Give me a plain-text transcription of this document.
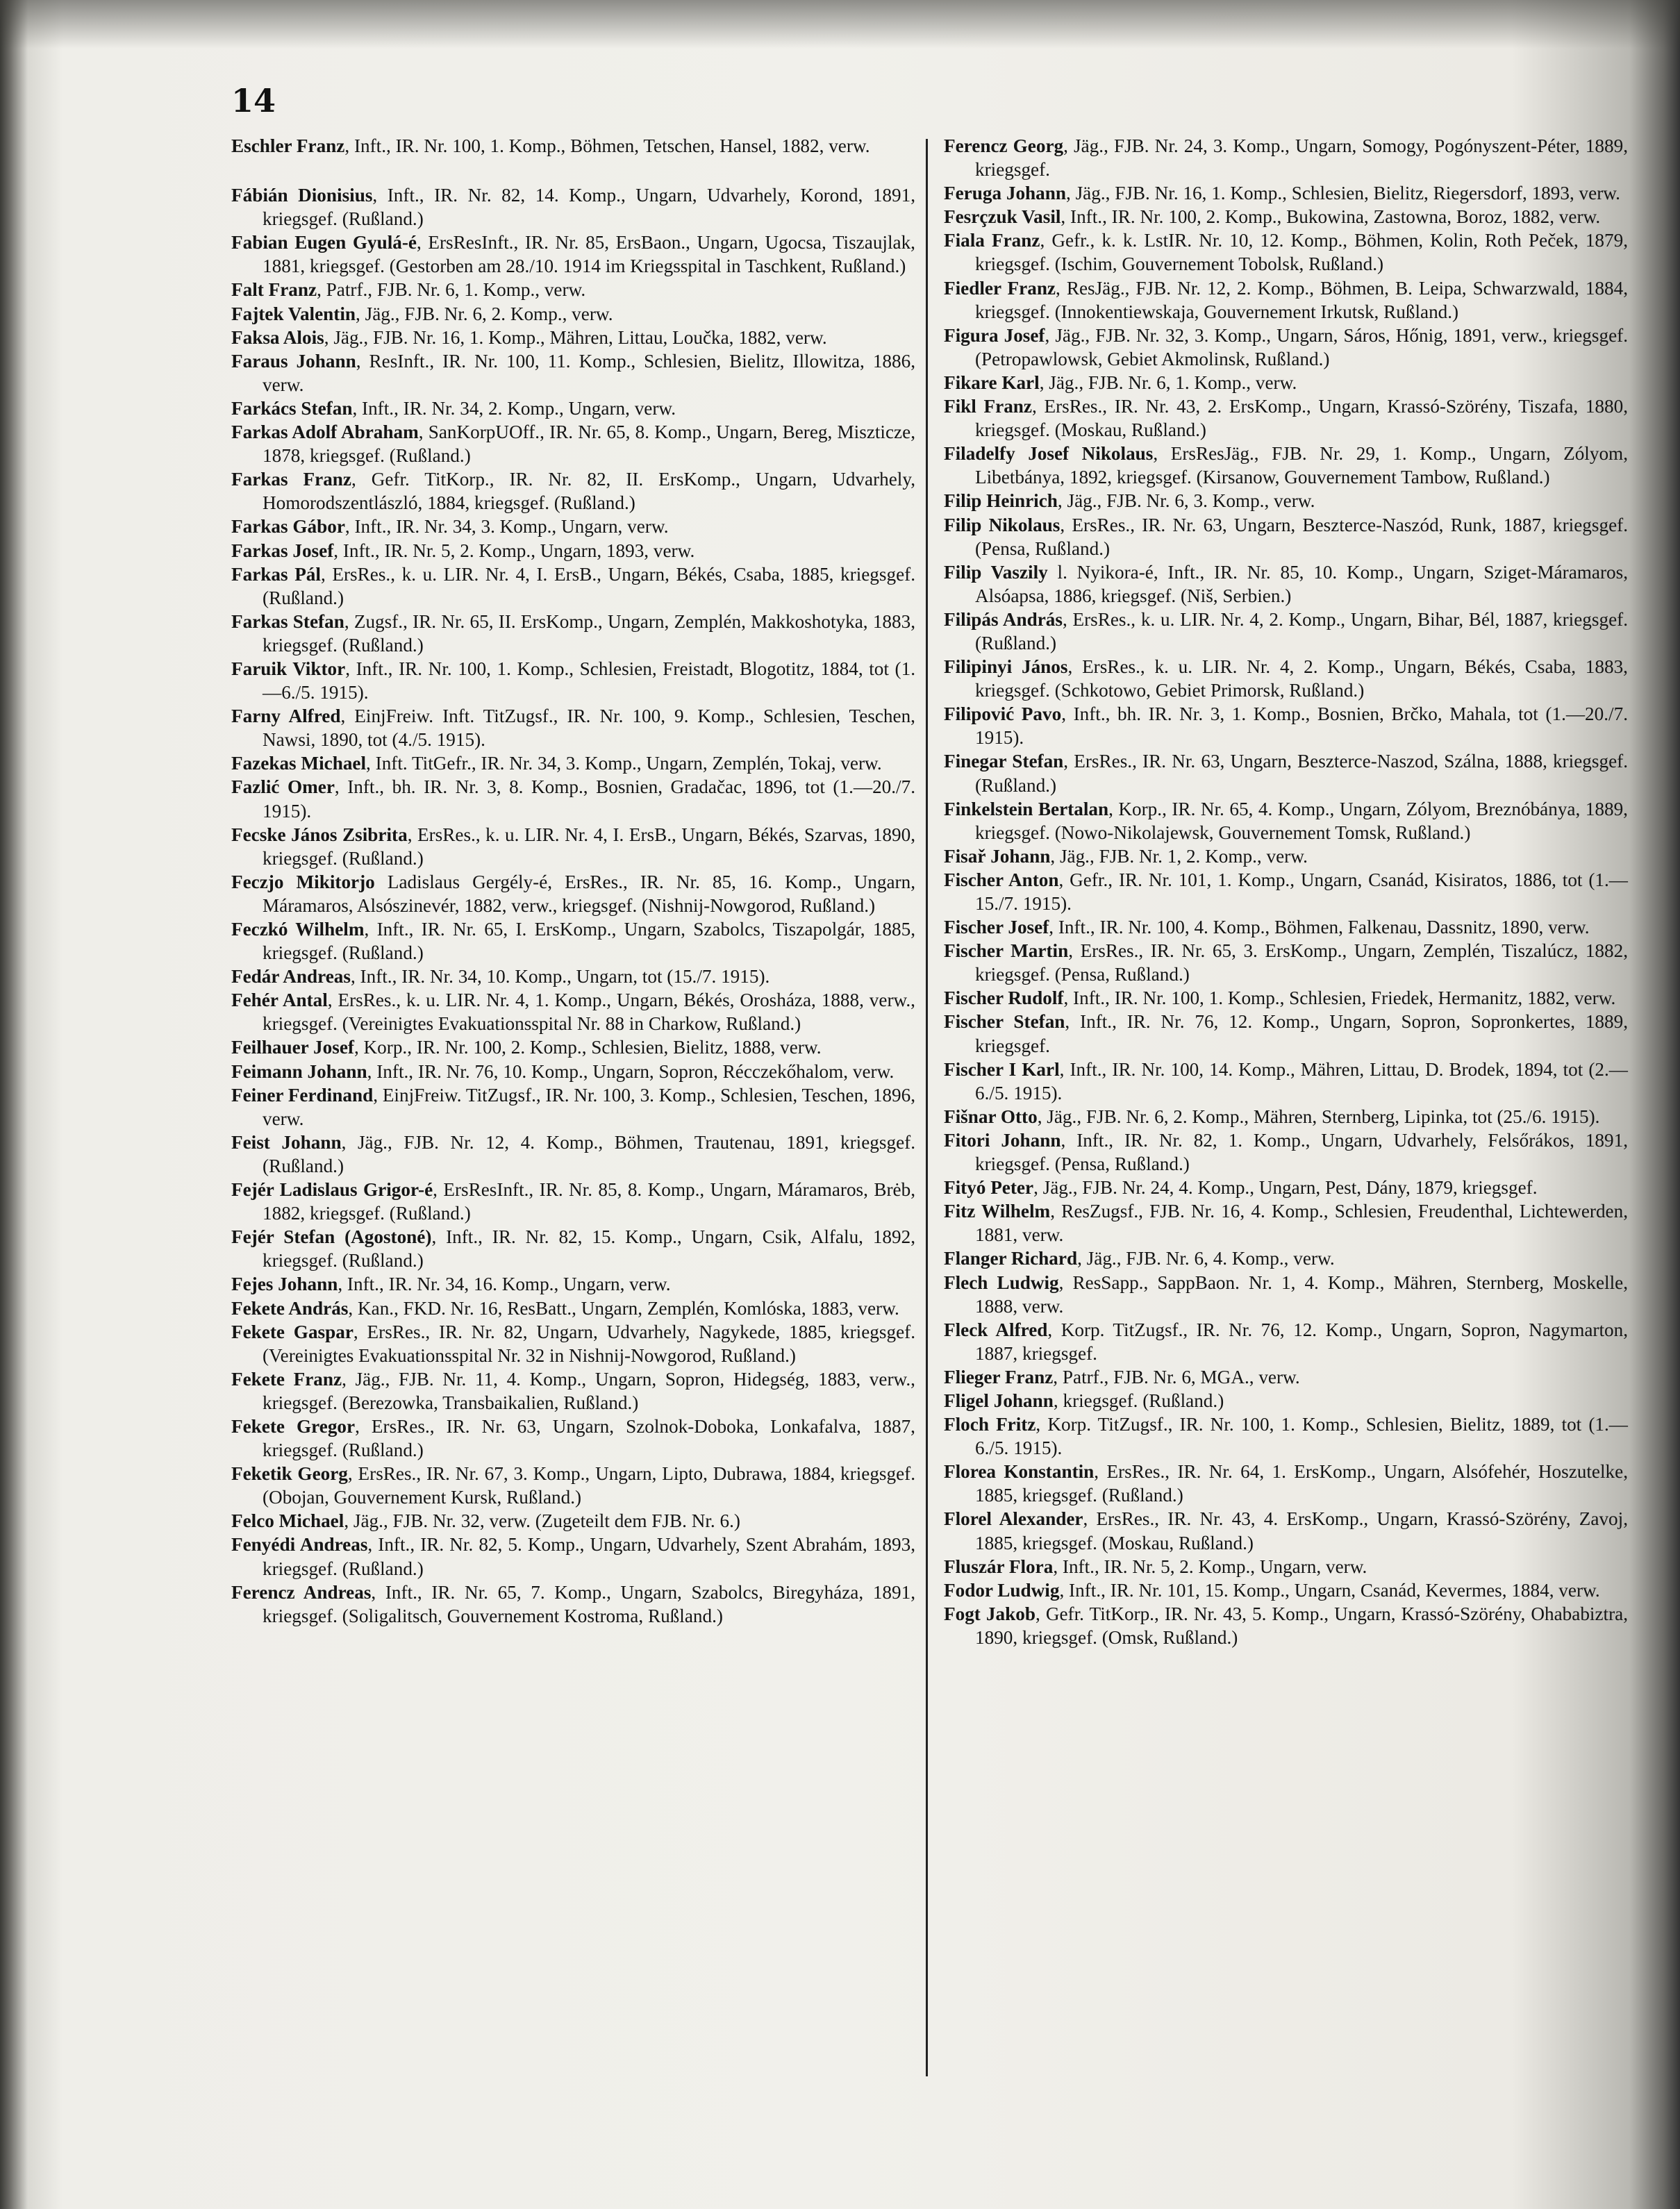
14

Eschler Franz, Inft., IR. Nr. 100, 1. Komp., Böhmen, Tetschen, Hansel, 1882, verw.

Fábián Dionisius, Inft., IR. Nr. 82, 14. Komp., Ungarn, Udvarhely, Korond, 1891, kriegsgef. (Rußland.)

Fabian Eugen Gyulá-é, ErsResInft., IR. Nr. 85, ErsBaon., Ungarn, Ugocsa, Tiszaujlak, 1881, kriegsgef. (Gestorben am 28./10. 1914 im Kriegsspital in Taschkent, Rußland.)

Falt Franz, Patrf., FJB. Nr. 6, 1. Komp., verw.

Fajtek Valentin, Jäg., FJB. Nr. 6, 2. Komp., verw.

Faksa Alois, Jäg., FJB. Nr. 16, 1. Komp., Mähren, Littau, Loučka, 1882, verw.

Faraus Johann, ResInft., IR. Nr. 100, 11. Komp., Schlesien, Bielitz, Illowitza, 1886, verw.

Farkács Stefan, Inft., IR. Nr. 34, 2. Komp., Ungarn, verw.

Farkas Adolf Abraham, SanKorpUOff., IR. Nr. 65, 8. Komp., Ungarn, Bereg, Miszticze, 1878, kriegsgef. (Rußland.)

Farkas Franz, Gefr. TitKorp., IR. Nr. 82, II. ErsKomp., Ungarn, Udvarhely, Homorodszentlászló, 1884, kriegsgef. (Rußland.)

Farkas Gábor, Inft., IR. Nr. 34, 3. Komp., Ungarn, verw.

Farkas Josef, Inft., IR. Nr. 5, 2. Komp., Ungarn, 1893, verw.

Farkas Pál, ErsRes., k. u. LIR. Nr. 4, I. ErsB., Ungarn, Békés, Csaba, 1885, kriegsgef. (Rußland.)

Farkas Stefan, Zugsf., IR. Nr. 65, II. ErsKomp., Ungarn, Zemplén, Makkoshotyka, 1883, kriegsgef. (Rußland.)

Faruik Viktor, Inft., IR. Nr. 100, 1. Komp., Schlesien, Freistadt, Blogotitz, 1884, tot (1.—6./5. 1915).

Farny Alfred, EinjFreiw. Inft. TitZugsf., IR. Nr. 100, 9. Komp., Schlesien, Teschen, Nawsi, 1890, tot (4./5. 1915).

Fazekas Michael, Inft. TitGefr., IR. Nr. 34, 3. Komp., Ungarn, Zemplén, Tokaj, verw.

Fazlić Omer, Inft., bh. IR. Nr. 3, 8. Komp., Bosnien, Gradačac, 1896, tot (1.—20./7. 1915).

Fecske János Zsibrita, ErsRes., k. u. LIR. Nr. 4, I. ErsB., Ungarn, Békés, Szarvas, 1890, kriegsgef. (Rußland.)

Feczjo Mikitorjo Ladislaus Gergély-é, ErsRes., IR. Nr. 85, 16. Komp., Ungarn, Máramaros, Alsószinevér, 1882, verw., kriegsgef. (Nishnij-Nowgorod, Rußland.)

Feczkó Wilhelm, Inft., IR. Nr. 65, I. ErsKomp., Ungarn, Szabolcs, Tiszapolgár, 1885, kriegsgef. (Rußland.)

Fedár Andreas, Inft., IR. Nr. 34, 10. Komp., Ungarn, tot (15./7. 1915).

Fehér Antal, ErsRes., k. u. LIR. Nr. 4, 1. Komp., Ungarn, Békés, Orosháza, 1888, verw., kriegsgef. (Vereinigtes Evakuationsspital Nr. 88 in Charkow, Rußland.)

Feilhauer Josef, Korp., IR. Nr. 100, 2. Komp., Schlesien, Bielitz, 1888, verw.

Feimann Johann, Inft., IR. Nr. 76, 10. Komp., Ungarn, Sopron, Récczekőhalom, verw.

Feiner Ferdinand, EinjFreiw. TitZugsf., IR. Nr. 100, 3. Komp., Schlesien, Teschen, 1896, verw.

Feist Johann, Jäg., FJB. Nr. 12, 4. Komp., Böhmen, Trautenau, 1891, kriegsgef. (Rußland.)

Fejér Ladislaus Grigor-é, ErsResInft., IR. Nr. 85, 8. Komp., Ungarn, Máramaros, Brėb, 1882, kriegsgef. (Rußland.)

Fejér Stefan (Agostoné), Inft., IR. Nr. 82, 15. Komp., Ungarn, Csik, Alfalu, 1892, kriegsgef. (Rußland.)

Fejes Johann, Inft., IR. Nr. 34, 16. Komp., Ungarn, verw.

Fekete András, Kan., FKD. Nr. 16, ResBatt., Ungarn, Zemplén, Komlóska, 1883, verw.

Fekete Gaspar, ErsRes., IR. Nr. 82, Ungarn, Udvarhely, Nagykede, 1885, kriegsgef. (Vereinigtes Evakuationsspital Nr. 32 in Nishnij-Nowgorod, Rußland.)

Fekete Franz, Jäg., FJB. Nr. 11, 4. Komp., Ungarn, Sopron, Hidegség, 1883, verw., kriegsgef. (Berezowka, Transbaikalien, Rußland.)

Fekete Gregor, ErsRes., IR. Nr. 63, Ungarn, Szolnok-Doboka, Lonkafalva, 1887, kriegsgef. (Rußland.)

Feketik Georg, ErsRes., IR. Nr. 67, 3. Komp., Ungarn, Lipto, Dubrawa, 1884, kriegsgef. (Obojan, Gouvernement Kursk, Rußland.)

Felco Michael, Jäg., FJB. Nr. 32, verw. (Zugeteilt dem FJB. Nr. 6.)

Fenyédi Andreas, Inft., IR. Nr. 82, 5. Komp., Ungarn, Udvarhely, Szent Abrahám, 1893, kriegsgef. (Rußland.)

Ferencz Andreas, Inft., IR. Nr. 65, 7. Komp., Ungarn, Szabolcs, Biregyháza, 1891, kriegsgef. (Soligalitsch, Gouvernement Kostroma, Rußland.)

Ferencz Georg, Jäg., FJB. Nr. 24, 3. Komp., Ungarn, Somogy, Pogónyszent-Péter, 1889, kriegsgef.

Feruga Johann, Jäg., FJB. Nr. 16, 1. Komp., Schlesien, Bielitz, Riegersdorf, 1893, verw.

Fesrçzuk Vasil, Inft., IR. Nr. 100, 2. Komp., Bukowina, Zastowna, Boroz, 1882, verw.

Fiala Franz, Gefr., k. k. LstIR. Nr. 10, 12. Komp., Böhmen, Kolin, Roth Peček, 1879, kriegsgef. (Ischim, Gouvernement Tobolsk, Rußland.)

Fiedler Franz, ResJäg., FJB. Nr. 12, 2. Komp., Böhmen, B. Leipa, Schwarzwald, 1884, kriegsgef. (Innokentiewskaja, Gouvernement Irkutsk, Rußland.)

Figura Josef, Jäg., FJB. Nr. 32, 3. Komp., Ungarn, Sáros, Hőnig, 1891, verw., kriegsgef. (Petropawlowsk, Gebiet Akmolinsk, Rußland.)

Fikare Karl, Jäg., FJB. Nr. 6, 1. Komp., verw.

Fikl Franz, ErsRes., IR. Nr. 43, 2. ErsKomp., Ungarn, Krassó-Szörény, Tiszafa, 1880, kriegsgef. (Moskau, Rußland.)

Filadelfy Josef Nikolaus, ErsResJäg., FJB. Nr. 29, 1. Komp., Ungarn, Zólyom, Libetbánya, 1892, kriegsgef. (Kirsanow, Gouvernement Tambow, Rußland.)

Filip Heinrich, Jäg., FJB. Nr. 6, 3. Komp., verw.

Filip Nikolaus, ErsRes., IR. Nr. 63, Ungarn, Beszterce-Naszód, Runk, 1887, kriegsgef. (Pensa, Rußland.)

Filip Vaszily l. Nyikora-é, Inft., IR. Nr. 85, 10. Komp., Ungarn, Sziget-Máramaros, Alsóapsa, 1886, kriegsgef. (Niš, Serbien.)

Filipás András, ErsRes., k. u. LIR. Nr. 4, 2. Komp., Ungarn, Bihar, Bél, 1887, kriegsgef. (Rußland.)

Filipinyi János, ErsRes., k. u. LIR. Nr. 4, 2. Komp., Ungarn, Békés, Csaba, 1883, kriegsgef. (Schkotowo, Gebiet Primorsk, Rußland.)

Filipović Pavo, Inft., bh. IR. Nr. 3, 1. Komp., Bosnien, Brčko, Mahala, tot (1.—20./7. 1915).

Finegar Stefan, ErsRes., IR. Nr. 63, Ungarn, Beszterce-Naszod, Szálna, 1888, kriegsgef. (Rußland.)

Finkelstein Bertalan, Korp., IR. Nr. 65, 4. Komp., Ungarn, Zólyom, Breznóbánya, 1889, kriegsgef. (Nowo-Nikolajewsk, Gouvernement Tomsk, Rußland.)

Fisař Johann, Jäg., FJB. Nr. 1, 2. Komp., verw.

Fischer Anton, Gefr., IR. Nr. 101, 1. Komp., Ungarn, Csanád, Kisiratos, 1886, tot (1.—15./7. 1915).

Fischer Josef, Inft., IR. Nr. 100, 4. Komp., Böhmen, Falkenau, Dassnitz, 1890, verw.

Fischer Martin, ErsRes., IR. Nr. 65, 3. ErsKomp., Ungarn, Zemplén, Tiszalúcz, 1882, kriegsgef. (Pensa, Rußland.)

Fischer Rudolf, Inft., IR. Nr. 100, 1. Komp., Schlesien, Friedek, Hermanitz, 1882, verw.

Fischer Stefan, Inft., IR. Nr. 76, 12. Komp., Ungarn, Sopron, Sopronkertes, 1889, kriegsgef.

Fischer I Karl, Inft., IR. Nr. 100, 14. Komp., Mähren, Littau, D. Brodek, 1894, tot (2.—6./5. 1915).

Fišnar Otto, Jäg., FJB. Nr. 6, 2. Komp., Mähren, Sternberg, Lipinka, tot (25./6. 1915).

Fitori Johann, Inft., IR. Nr. 82, 1. Komp., Ungarn, Udvarhely, Felsőrákos, 1891, kriegsgef. (Pensa, Rußland.)

Fityó Peter, Jäg., FJB. Nr. 24, 4. Komp., Ungarn, Pest, Dány, 1879, kriegsgef.

Fitz Wilhelm, ResZugsf., FJB. Nr. 16, 4. Komp., Schlesien, Freudenthal, Lichtewerden, 1881, verw.

Flanger Richard, Jäg., FJB. Nr. 6, 4. Komp., verw.

Flech Ludwig, ResSapp., SappBaon. Nr. 1, 4. Komp., Mähren, Sternberg, Moskelle, 1888, verw.

Fleck Alfred, Korp. TitZugsf., IR. Nr. 76, 12. Komp., Ungarn, Sopron, Nagymarton, 1887, kriegsgef.

Flieger Franz, Patrf., FJB. Nr. 6, MGA., verw.

Fligel Johann, kriegsgef. (Rußland.)

Floch Fritz, Korp. TitZugsf., IR. Nr. 100, 1. Komp., Schlesien, Bielitz, 1889, tot (1.—6./5. 1915).

Florea Konstantin, ErsRes., IR. Nr. 64, 1. ErsKomp., Ungarn, Alsófehér, Hoszutelke, 1885, kriegsgef. (Rußland.)

Florel Alexander, ErsRes., IR. Nr. 43, 4. ErsKomp., Ungarn, Krassó-Szörény, Zavoj, 1885, kriegsgef. (Moskau, Rußland.)

Fluszár Flora, Inft., IR. Nr. 5, 2. Komp., Ungarn, verw.

Fodor Ludwig, Inft., IR. Nr. 101, 15. Komp., Ungarn, Csanád, Kevermes, 1884, verw.

Fogt Jakob, Gefr. TitKorp., IR. Nr. 43, 5. Komp., Ungarn, Krassó-Szörény, Ohababiztra, 1890, kriegsgef. (Omsk, Rußland.)
